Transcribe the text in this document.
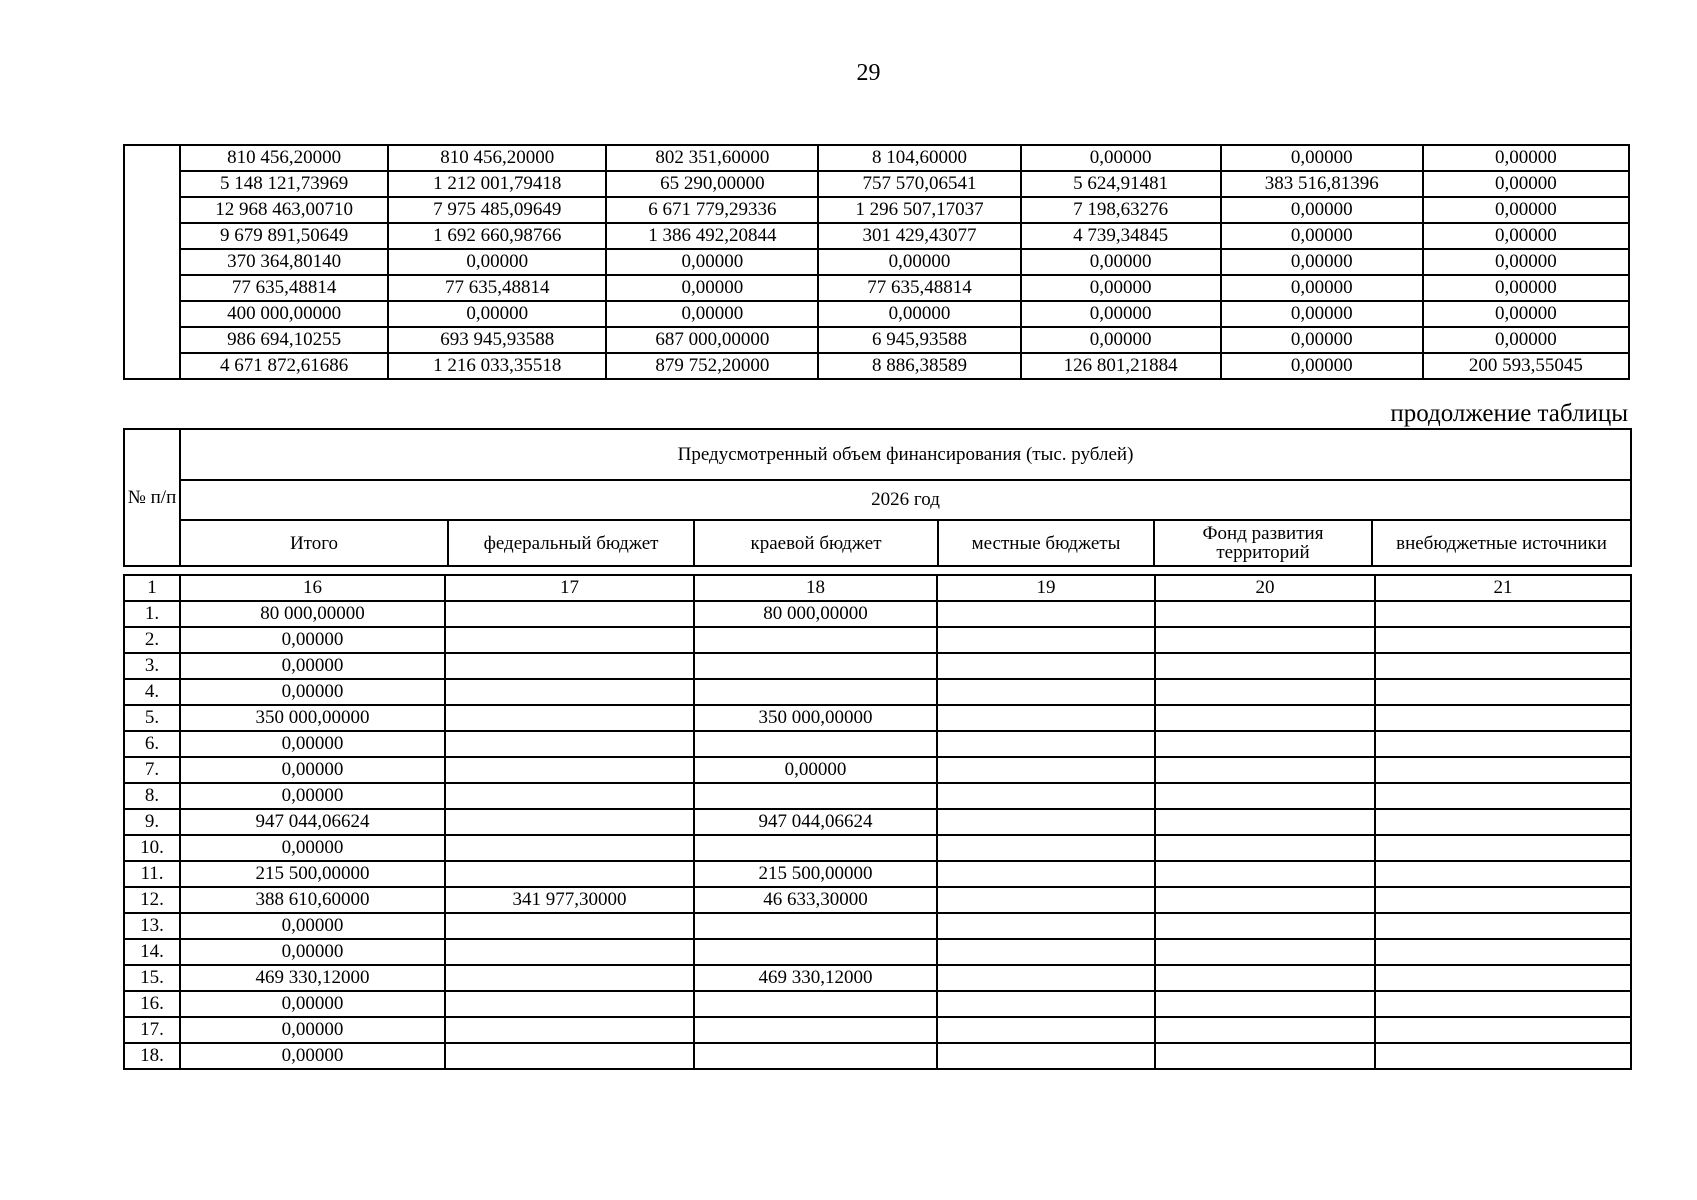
29
	810 456,20000	810 456,20000	802 351,60000	8 104,60000	0,00000	0,00000	0,00000
	5 148 121,73969	1 212 001,79418	65 290,00000	757 570,06541	5 624,91481	383 516,81396	0,00000
	12 968 463,00710	7 975 485,09649	6 671 779,29336	1 296 507,17037	7 198,63276	0,00000	0,00000
	9 679 891,50649	1 692 660,98766	1 386 492,20844	301 429,43077	4 739,34845	0,00000	0,00000
	370 364,80140	0,00000	0,00000	0,00000	0,00000	0,00000	0,00000
	77 635,48814	77 635,48814	0,00000	77 635,48814	0,00000	0,00000	0,00000
	400 000,00000	0,00000	0,00000	0,00000	0,00000	0,00000	0,00000
	986 694,10255	693 945,93588	687 000,00000	6 945,93588	0,00000	0,00000	0,00000
	4 671 872,61686	1 216 033,35518	879 752,20000	8 886,38589	126 801,21884	0,00000	200 593,55045
продолжение таблицы
№ п/п	Предусмотренный объем финансирования (тыс. рублей)					
	2026 год					
	Итого	федеральный бюджет	краевой бюджет	местные бюджеты	Фонд развития территорий	внебюджетные источники
1	16	17	18	19	20	21
1.	80 000,00000		80 000,00000			
2.	0,00000					
3.	0,00000					
4.	0,00000					
5.	350 000,00000		350 000,00000			
6.	0,00000					
7.	0,00000		0,00000			
8.	0,00000					
9.	947 044,06624		947 044,06624			
10.	0,00000					
11.	215 500,00000		215 500,00000			
12.	388 610,60000	341 977,30000	46 633,30000			
13.	0,00000					
14.	0,00000					
15.	469 330,12000		469 330,12000			
16.	0,00000					
17.	0,00000					
18.	0,00000					
